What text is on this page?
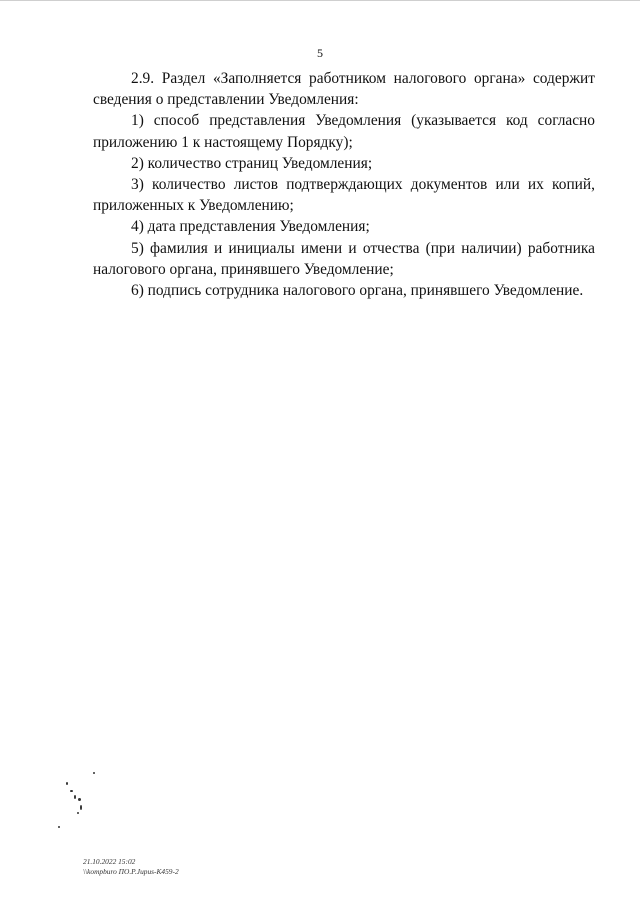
5

2.9. Раздел «Заполняется работником налогового органа» содержит сведения о представлении Уведомления:

1) способ представления Уведомления (указывается код согласно приложению 1 к настоящему Порядку);

2) количество страниц Уведомления;

3) количество листов подтверждающих документов или их копий, приложенных к Уведомлению;

4) дата представления Уведомления;

5) фамилия и инициалы имени и отчества (при наличии) работника налогового органа, принявшего Уведомление;

6) подпись сотрудника налогового органа, принявшего Уведомление.

21.10.2022 15:02
\\kompburo ПО.Р.Jupus-К459-2
